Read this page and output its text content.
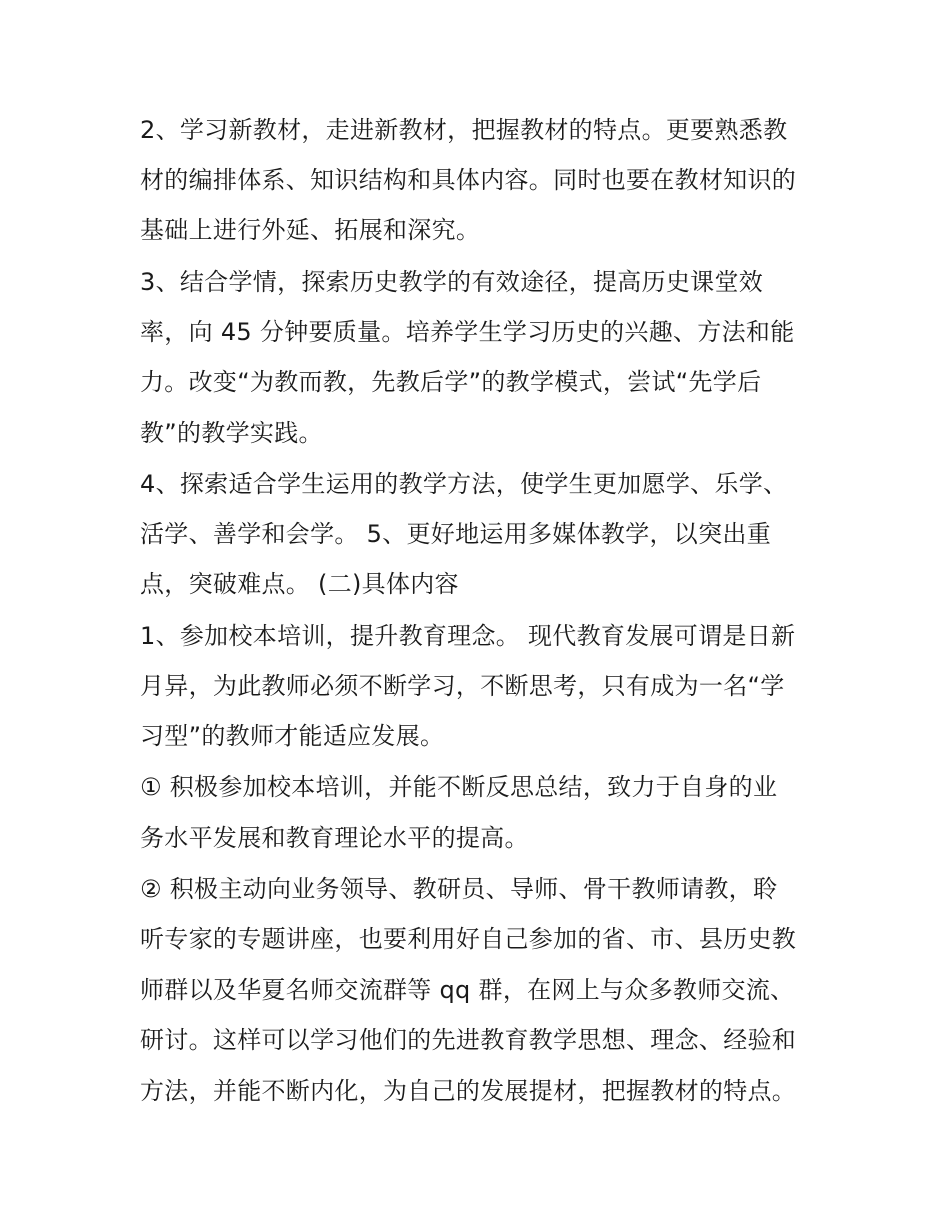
2、学习新教材，走进新教材，把握教材的特点。更要熟悉教
材的编排体系、知识结构和具体内容。同时也要在教材知识的
基础上进行外延、拓展和深究。
3、结合学情，探索历史教学的有效途径，提高历史课堂效
率，向 45 分钟要质量。培养学生学习历史的兴趣、方法和能
力。改变“为教而教，先教后学”的教学模式，尝试“先学后
教”的教学实践。
4、探索适合学生运用的教学方法，使学生更加愿学、乐学、
活学、善学和会学。 5、更好地运用多媒体教学，以突出重
点，突破难点。 (二)具体内容
1、参加校本培训，提升教育理念。 现代教育发展可谓是日新
月异，为此教师必须不断学习，不断思考，只有成为一名“学
习型”的教师才能适应发展。
① 积极参加校本培训，并能不断反思总结，致力于自身的业
务水平发展和教育理论水平的提高。
② 积极主动向业务领导、教研员、导师、骨干教师请教，聆
听专家的专题讲座，也要利用好自己参加的省、市、县历史教
师群以及华夏名师交流群等 qq 群，在网上与众多教师交流、
研讨。这样可以学习他们的先进教育教学思想、理念、经验和
方法，并能不断内化，为自己的发展提材，把握教材的特点。
